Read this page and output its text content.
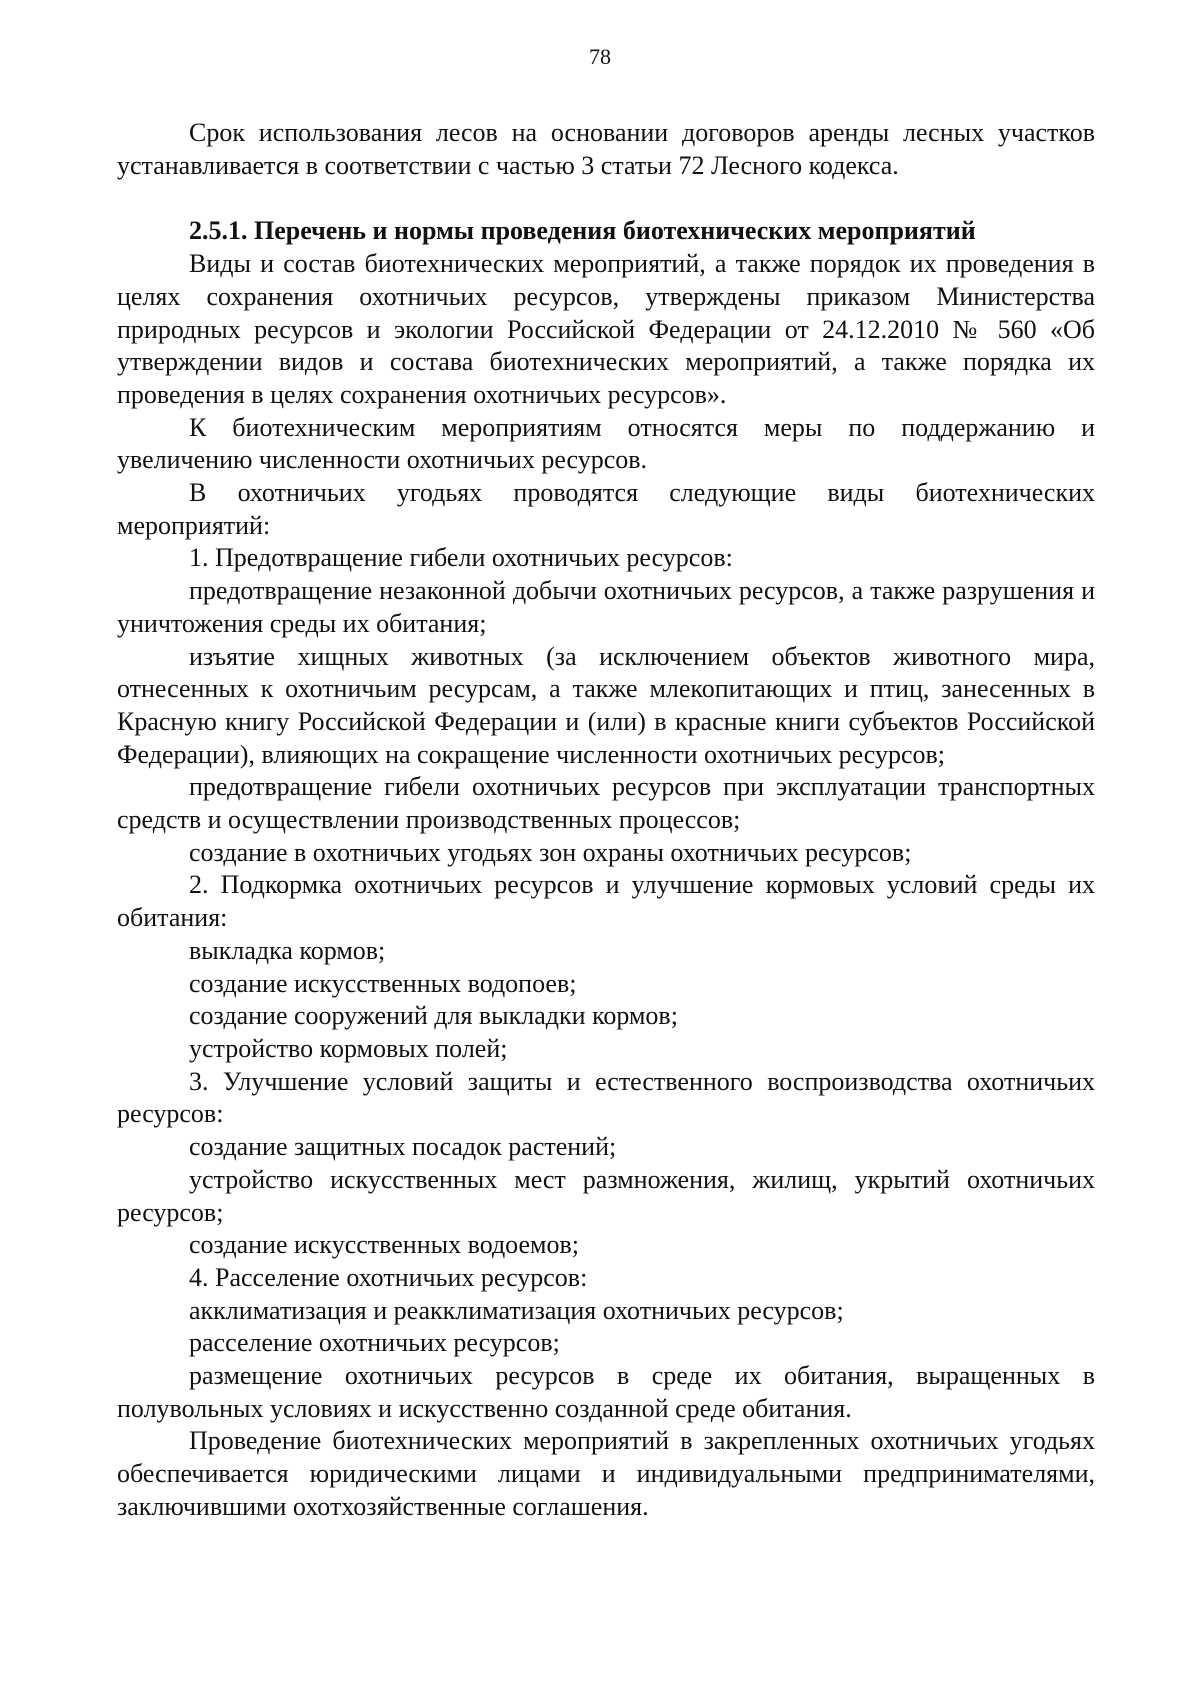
78

Срок использования лесов на основании договоров аренды лесных участков устанавливается в соответствии с частью 3 статьи 72 Лесного кодекса.

2.5.1. Перечень и нормы проведения биотехнических мероприятий

Виды и состав биотехнических мероприятий, а также порядок их проведения в целях сохранения охотничьих ресурсов, утверждены приказом Министерства природных ресурсов и экологии Российской Федерации от 24.12.2010 № 560 «Об утверждении видов и состава биотехнических мероприятий, а также порядка их проведения в целях сохранения охотничьих ресурсов».

К биотехническим мероприятиям относятся меры по поддержанию и увеличению численности охотничьих ресурсов.

В охотничьих угодьях проводятся следующие виды биотехнических мероприятий:

1. Предотвращение гибели охотничьих ресурсов:

предотвращение незаконной добычи охотничьих ресурсов, а также разрушения и уничтожения среды их обитания;

изъятие хищных животных (за исключением объектов животного мира, отнесенных к охотничьим ресурсам, а также млекопитающих и птиц, занесенных в Красную книгу Российской Федерации и (или) в красные книги субъектов Российской Федерации), влияющих на сокращение численности охотничьих ресурсов;

предотвращение гибели охотничьих ресурсов при эксплуатации транспортных средств и осуществлении производственных процессов;

создание в охотничьих угодьях зон охраны охотничьих ресурсов;

2. Подкормка охотничьих ресурсов и улучшение кормовых условий среды их обитания:

выкладка кормов;

создание искусственных водопоев;

создание сооружений для выкладки кормов;

устройство кормовых полей;

3. Улучшение условий защиты и естественного воспроизводства охотничьих ресурсов:

создание защитных посадок растений;

устройство искусственных мест размножения, жилищ, укрытий охотничьих ресурсов;

создание искусственных водоемов;

4. Расселение охотничьих ресурсов:

акклиматизация и реакклиматизация охотничьих ресурсов;

расселение охотничьих ресурсов;

размещение охотничьих ресурсов в среде их обитания, выращенных в полувольных условиях и искусственно созданной среде обитания.

Проведение биотехнических мероприятий в закрепленных охотничьих угодьях обеспечивается юридическими лицами и индивидуальными предпринимателями, заключившими охотхозяйственные соглашения.
